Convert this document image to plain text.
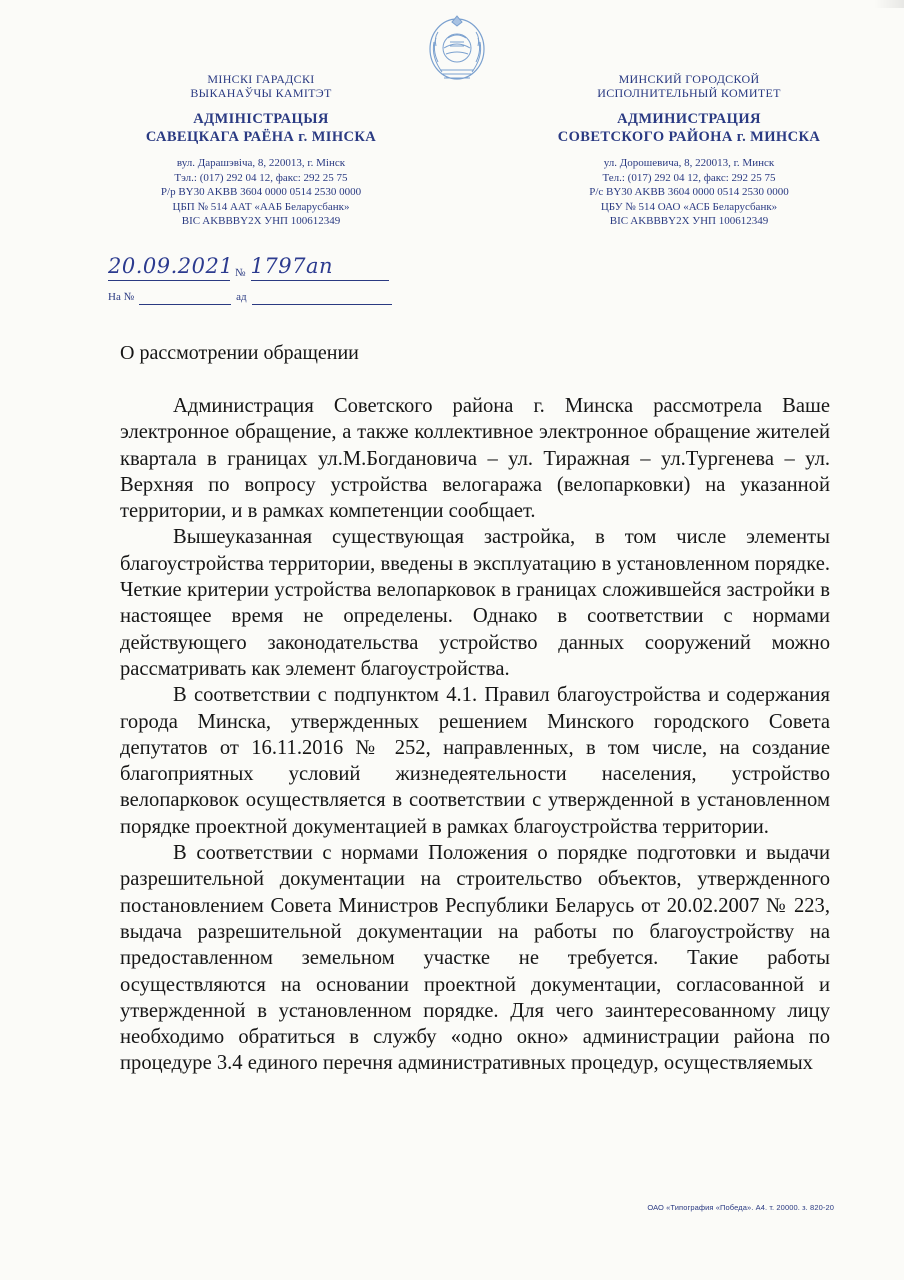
МІНСКІ ГАРАДСКІ
ВЫКАНАЎЧЫ КАМІТЭТ
АДМІНІСТРАЦЫЯ
САВЕЦКАГА РАЁНА г. МІНСКА
вул. Дарашэвіча, 8, 220013, г. Мінск
Тэл.: (017) 292 04 12, факс: 292 25 75
Р/р BY30 AKBB 3604 0000 0514 2530 0000
ЦБП № 514 ААТ «ААБ Беларусбанк»
BIC AKBBBY2X УНП 100612349
МИНСКИЙ ГОРОДСКОЙ
ИСПОЛНИТЕЛЬНЫЙ КОМИТЕТ
АДМИНИСТРАЦИЯ
СОВЕТСКОГО РАЙОНА г. МИНСКА
ул. Дорошевича, 8, 220013, г. Минск
Тел.: (017) 292 04 12, факс: 292 25 75
Р/с BY30 AKBB 3604 0000 0514 2530 0000
ЦБУ № 514 ОАО «АСБ Беларусбанк»
BIC AKBBBY2X УНП 100612349
20.09.2021 № 1797ап
На №	ад
О рассмотрении обращении

Администрация Советского района г. Минска рассмотрела Ваше электронное обращение, а также коллективное электронное обращение жителей квартала в границах ул.М.Богдановича – ул. Тиражная – ул.Тургенева – ул. Верхняя по вопросу устройства велогаража (велопарковки) на указанной территории, и в рамках компетенции сообщает.

Вышеуказанная существующая застройка, в том числе элементы благоустройства территории, введены в эксплуатацию в установленном порядке. Четкие критерии устройства велопарковок в границах сложившейся застройки в настоящее время не определены. Однако в соответствии с нормами действующего законодательства устройство данных сооружений можно рассматривать как элемент благоустройства.

В соответствии с подпунктом 4.1. Правил благоустройства и содержания города Минска, утвержденных решением Минского городского Совета депутатов от 16.11.2016 № 252, направленных, в том числе, на создание благоприятных условий жизнедеятельности населения, устройство велопарковок осуществляется в соответствии с утвержденной в установленном порядке проектной документацией в рамках благоустройства территории.

В соответствии с нормами Положения о порядке подготовки и выдачи разрешительной документации на строительство объектов, утвержденного постановлением Совета Министров Республики Беларусь от 20.02.2007 № 223, выдача разрешительной документации на работы по благоустройству на предоставленном земельном участке не требуется. Такие работы осуществляются на основании проектной документации, согласованной и утвержденной в установленном порядке. Для чего заинтересованному лицу необходимо обратиться в службу «одно окно» администрации района по процедуре 3.4 единого перечня административных процедур, осуществляемых

ОАО «Типография «Победа». А4. т. 20000. з. 820-20
